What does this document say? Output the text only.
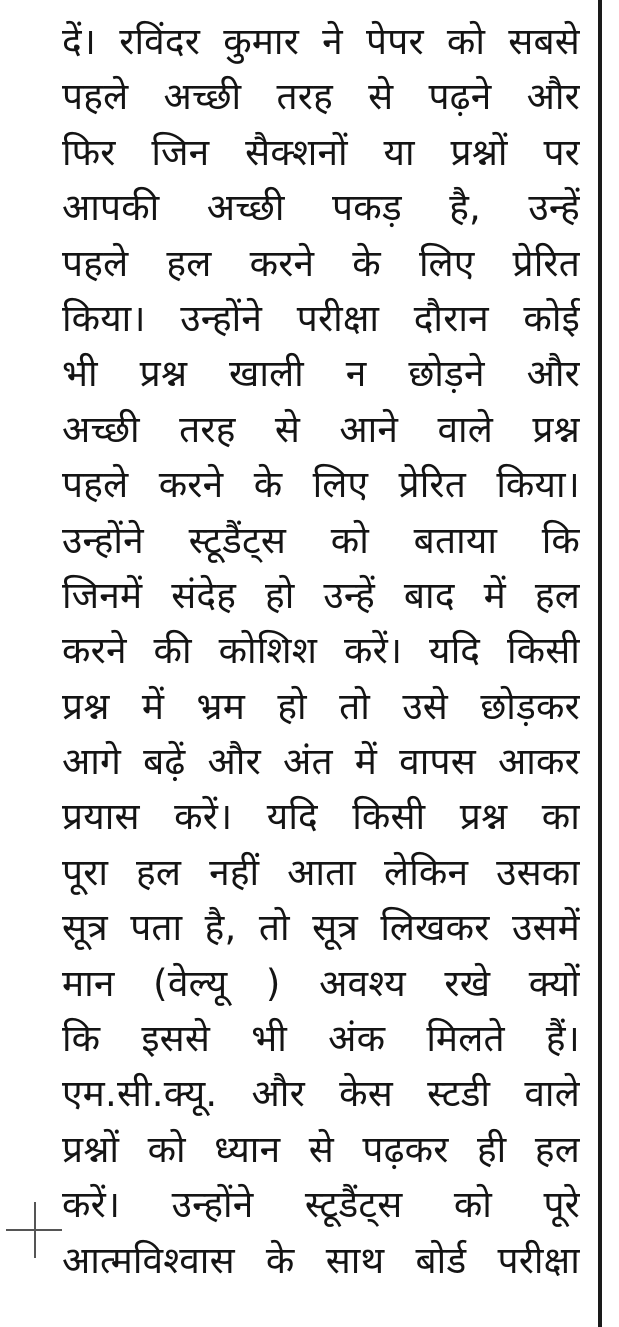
दें। रविंदर कुमार ने पेपर को सबसे
पहले अच्छी तरह से पढ़ने और
फिर जिन सैक्शनों या प्रश्नों पर
आपकी अच्छी पकड़ है, उन्हें
पहले हल करने के लिए प्रेरित
किया। उन्होंने परीक्षा दौरान कोई
भी प्रश्न खाली न छोड़ने और
अच्छी तरह से आने वाले प्रश्न
पहले करने के लिए प्रेरित किया।
उन्होंने स्टूडैंट्स को बताया कि
जिनमें संदेह हो उन्हें बाद में हल
करने की कोशिश करें। यदि किसी
प्रश्न में भ्रम हो तो उसे छोड़कर
आगे बढ़ें और अंत में वापस आकर
प्रयास करें। यदि किसी प्रश्न का
पूरा हल नहीं आता लेकिन उसका
सूत्र पता है, तो सूत्र लिखकर उसमें
मान (वेल्यू ) अवश्य रखे क्यों
कि इससे भी अंक मिलते हैं।
एम.सी.क्यू. और केस स्टडी वाले
प्रश्नों को ध्यान से पढ़कर ही हल
करें। उन्होंने स्टूडैंट्स को पूरे
आत्मविश्वास के साथ बोर्ड परीक्षा
